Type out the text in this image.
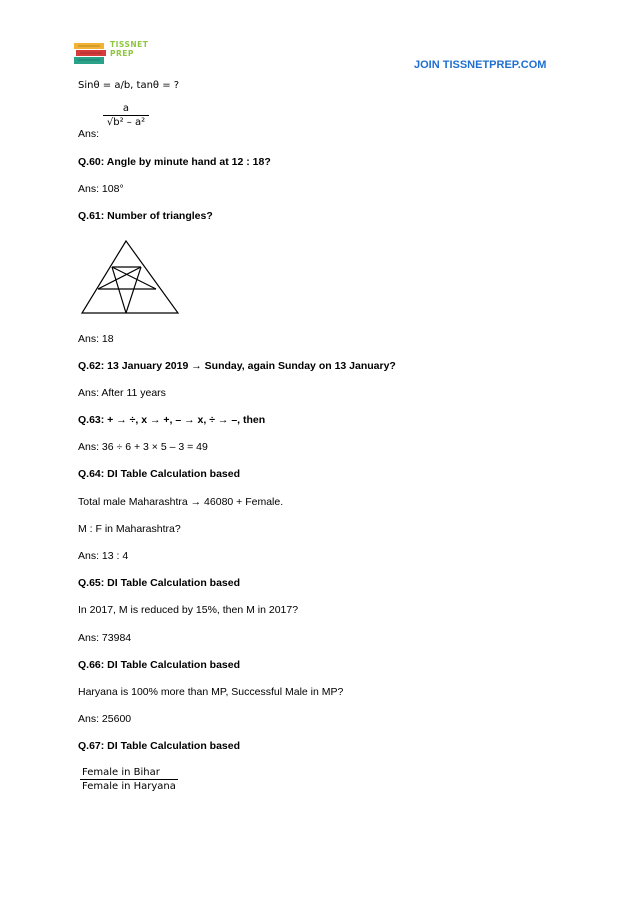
TISSNET
PREP
JOIN TISSNETPREP.COM
Sinθ = a/b, tanθ = ?
$\frac{a}{\text{√b² – a²}}$
Ans:
Q.60: Angle by minute hand at 12 : 18?
Ans: 108°
Q.61: Number of triangles?
Ans: 18
Q.62: 13 January 2019 → Sunday, again Sunday on 13 January?
Ans: After 11 years
Q.63: + → ÷, x → +, – → x, ÷ → –, then
Ans: 36 ÷ 6 + 3 × 5 – 3 = 49
Q.64: DI Table Calculation based
Total male Maharashtra → 46080 + Female.
M : F in Maharashtra?
Ans: 13 : 4
Q.65: DI Table Calculation based
In 2017, M is reduced by 15%, then M in 2017?
Ans: 73984
Q.66: DI Table Calculation based
Haryana is 100% more than MP, Successful Male in MP?
Ans: 25600
Q.67: DI Table Calculation based
Female in Bihar
Female in Haryana
